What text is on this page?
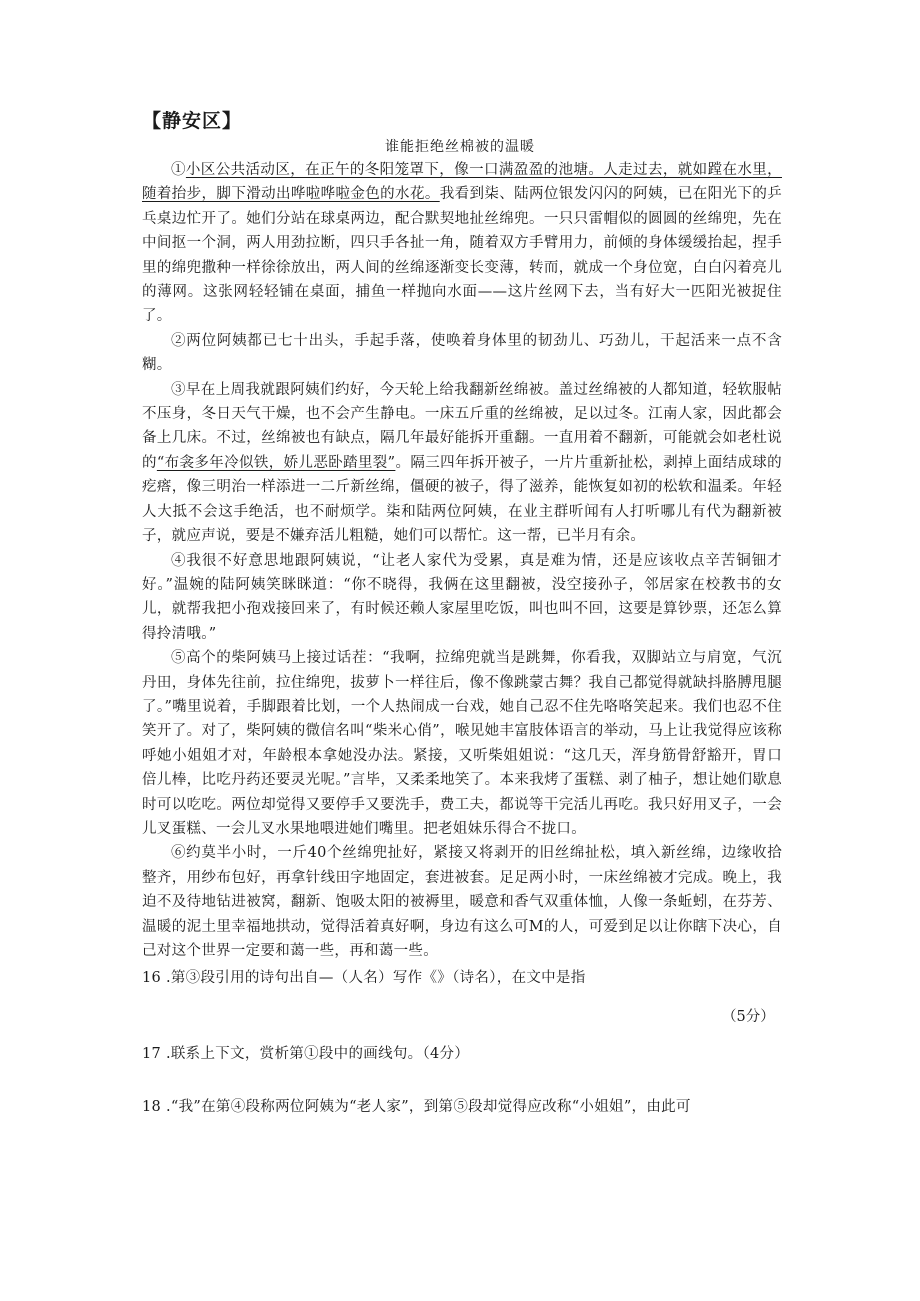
【静安区】
谁能拒绝丝棉被的温暖

①小区公共活动区，在正午的冬阳笼罩下，像一口满盈盈的池塘。人走过去，就如蹚在水里，随着抬步，脚下滑动出哗啦哗啦金色的水花。我看到柒、陆两位银发闪闪的阿姨，已在阳光下的乒乓桌边忙开了。她们分站在球桌两边，配合默契地扯丝绵兜。一只只雷帽似的圆圆的丝绵兜，先在中间抠一个洞，两人用劲拉断，四只手各扯一角，随着双方手臂用力，前倾的身体缓缓抬起，捏手里的绵兜撒种一样徐徐放出，两人间的丝绵逐渐变长变薄，转而，就成一个身位宽，白白闪着亮儿的薄网。这张网轻轻铺在桌面，捕鱼一样抛向水面——这片丝网下去，当有好大一匹阳光被捉住了。

②两位阿姨都已七十出头，手起手落，使唤着身体里的韧劲儿、巧劲儿，干起活来一点不含糊。

③早在上周我就跟阿姨们约好，今天轮上给我翻新丝绵被。盖过丝绵被的人都知道，轻软服帖不压身，冬日天气干燥，也不会产生静电。一床五斤重的丝绵被，足以过冬。江南人家，因此都会备上几床。不过，丝绵被也有缺点，隔几年最好能拆开重翻。一直用着不翻新，可能就会如老杜说的“布衾多年冷似铁，娇儿恶卧踏里裂”。隔三四年拆开被子，一片片重新扯松，剥掉上面结成球的疙瘩，像三明治一样添进一二斤新丝绵，僵硬的被子，得了滋养，能恢复如初的松软和温柔。年轻人大抵不会这手绝活，也不耐烦学。柒和陆两位阿姨，在业主群听闻有人打听哪儿有代为翻新被子，就应声说，要是不嫌弃活儿粗糙，她们可以帮忙。这一帮，已半月有余。

④我很不好意思地跟阿姨说，“让老人家代为受累，真是难为情，还是应该收点辛苦铜钿才好。”温婉的陆阿姨笑眯眯道：“你不晓得，我俩在这里翻被，没空接孙子，邻居家在校教书的女儿，就帮我把小孢戏接回来了，有时候还赖人家屋里吃饭，叫也叫不回，这要是算钞票，还怎么算得拎清哦。”

⑤高个的柴阿姨马上接过话茬：“我啊，拉绵兜就当是跳舞，你看我，双脚站立与肩宽，气沉丹田，身体先往前，拉住绵兜，拔萝卜一样往后，像不像跳蒙古舞？我自己都觉得就缺抖胳膊甩腿了。”嘴里说着，手脚跟着比划，一个人热闹成一台戏，她自己忍不住先咯咯笑起来。我们也忍不住笑开了。对了，柴阿姨的微信名叫“柴米心俏”，喉见她丰富肢体语言的举动，马上让我觉得应该称呼她小姐姐才对，年龄根本拿她没办法。紧接，又听柴姐姐说：“这几天，浑身筋骨舒豁开，胃口倍儿棒，比吃丹药还要灵光呢。”言毕，又柔柔地笑了。本来我烤了蛋糕、剥了柚子，想让她们歇息时可以吃吃。两位却觉得又要停手又要洗手，费工夫，都说等干完活儿再吃。我只好用叉子，一会儿叉蛋糕、一会儿叉水果地喂进她们嘴里。把老姐妹乐得合不拢口。

⑥约莫半小时，一斤40个丝绵兜扯好，紧接又将剥开的旧丝绵扯松，填入新丝绵，边缘收拾整齐，用纱布包好，再拿针线田字地固定，套进被套。足足两小时，一床丝绵被才完成。晚上，我迫不及待地钻进被窝，翻新、饱吸太阳的被褥里，暖意和香气双重体恤，人像一条蚯蚓，在芬芳、温暖的泥土里幸福地拱动，觉得活着真好啊，身边有这么可M的人，可爱到足以让你瞎下决心，自己对这个世界一定要和蔼一些，再和蔼一些。

16 .第③段引用的诗句出自—（人名）写作《》（诗名），在文中是指
（5分）
17 .联系上下文，赏析第①段中的画线句。（4分）
18 .“我”在第④段称两位阿姨为“老人家”，到第⑤段却觉得应改称“小姐姐”，由此可
